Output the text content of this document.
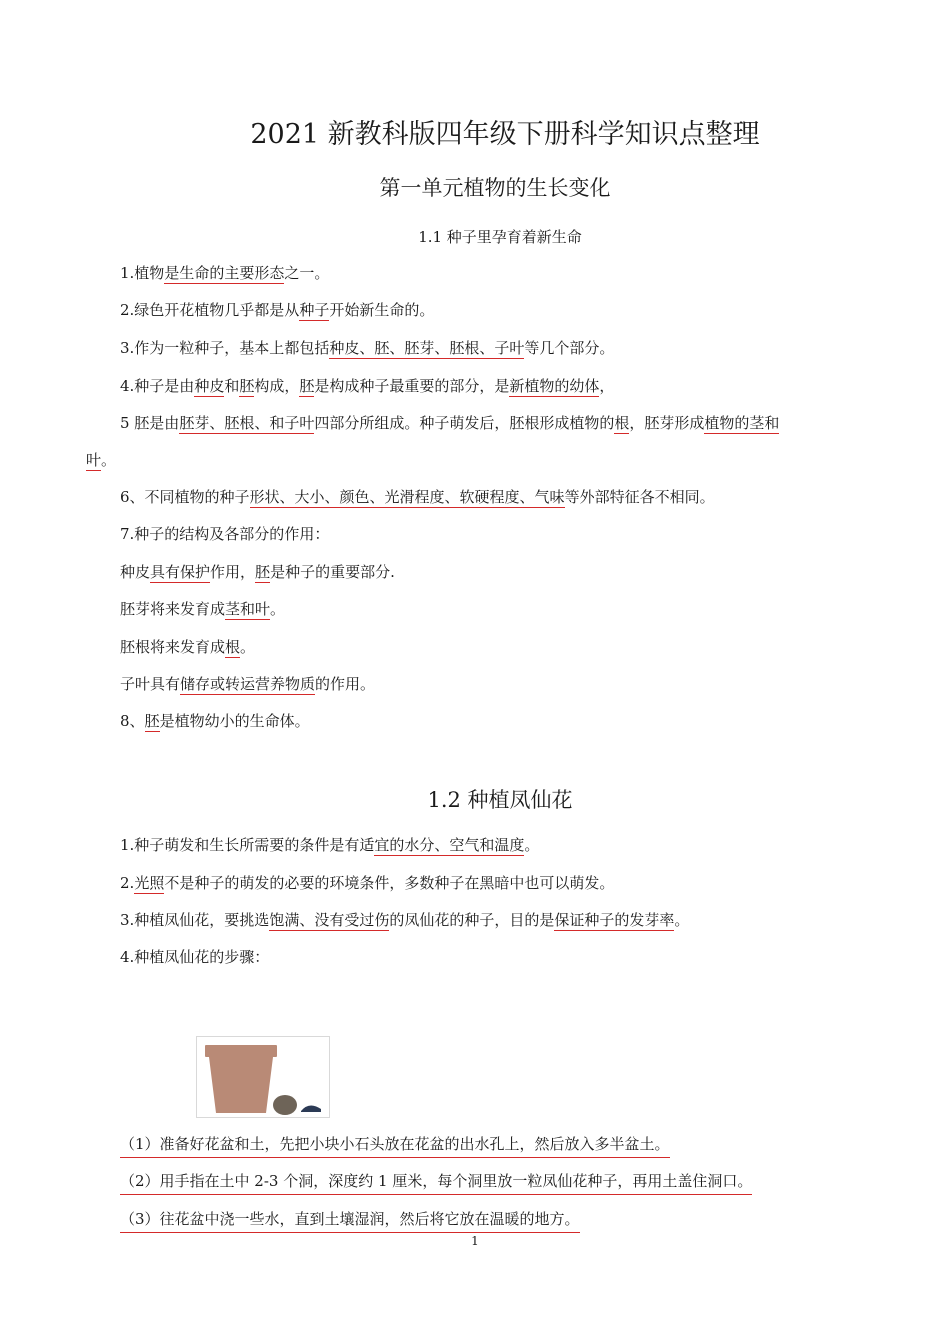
2021 新教科版四年级下册科学知识点整理
第一单元植物的生长变化
1.1 种子里孕育着新生命
1.植物是生命的主要形态之一。
2.绿色开花植物几乎都是从种子开始新生命的。
3.作为一粒种子，基本上都包括种皮、胚、胚芽、胚根、子叶等几个部分。
4.种子是由种皮和胚构成，胚是构成种子最重要的部分，是新植物的幼体，
5 胚是由胚芽、胚根、和子叶四部分所组成。种子萌发后，胚根形成植物的根，胚芽形成植物的茎和
叶。
6、不同植物的种子形状、大小、颜色、光滑程度、软硬程度、气味等外部特征各不相同。
7.种子的结构及各部分的作用：
种皮具有保护作用，胚是种子的重要部分.
胚芽将来发育成茎和叶。
胚根将来发育成根。
子叶具有储存或转运营养物质的作用。
8、胚是植物幼小的生命体。
1.2 种植凤仙花
1.种子萌发和生长所需要的条件是有适宜的水分、空气和温度。
2.光照不是种子的萌发的必要的环境条件，多数种子在黑暗中也可以萌发。
3.种植凤仙花，要挑选饱满、没有受过伤的凤仙花的种子，目的是保证种子的发芽率。
4.种植凤仙花的步骤：
（1）准备好花盆和土，先把小块小石头放在花盆的出水孔上，然后放入多半盆土。
（2）用手指在土中 2-3 个洞，深度约 1 厘米，每个洞里放一粒凤仙花种子，再用土盖住洞口。
（3）往花盆中浇一些水，直到土壤湿润，然后将它放在温暖的地方。
1
